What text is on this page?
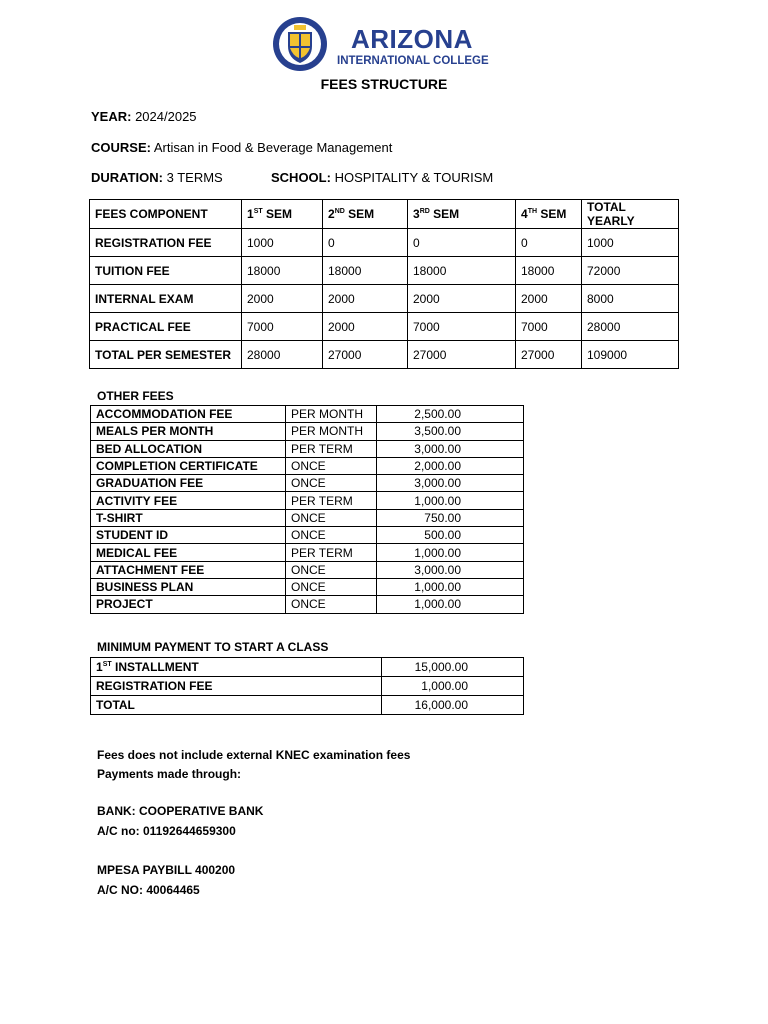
ARIZONA
INTERNATIONAL COLLEGE
FEES STRUCTURE
YEAR: 2024/2025
COURSE: Artisan in Food & Beverage Management
DURATION: 3 TERMS	SCHOOL: HOSPITALITY & TOURISM
FEES COMPONENT	1ST SEM	2ND SEM	3RD SEM	4TH SEM	TOTAL YEARLY
REGISTRATION FEE	1000	0	0	0	1000
TUITION FEE	18000	18000	18000	18000	72000
INTERNAL EXAM	2000	2000	2000	2000	8000
PRACTICAL FEE	7000	2000	7000	7000	28000
TOTAL PER SEMESTER	28000	27000	27000	27000	109000
OTHER FEES
ACCOMMODATION FEE	PER MONTH	2,500.00
MEALS PER MONTH	PER MONTH	3,500.00
BED ALLOCATION	PER TERM	3,000.00
COMPLETION CERTIFICATE	ONCE	2,000.00
GRADUATION FEE	ONCE	3,000.00
ACTIVITY FEE	PER TERM	1,000.00
T-SHIRT	ONCE	750.00
STUDENT ID	ONCE	500.00
MEDICAL FEE	PER TERM	1,000.00
ATTACHMENT FEE	ONCE	3,000.00
BUSINESS PLAN	ONCE	1,000.00
PROJECT	ONCE	1,000.00
MINIMUM PAYMENT TO START A CLASS
1ST INSTALLMENT	15,000.00
REGISTRATION FEE	1,000.00
TOTAL	16,000.00
Fees does not include external KNEC examination fees
Payments made through:
BANK: COOPERATIVE BANK
A/C no: 01192644659300
MPESA PAYBILL 400200
A/C NO: 40064465
